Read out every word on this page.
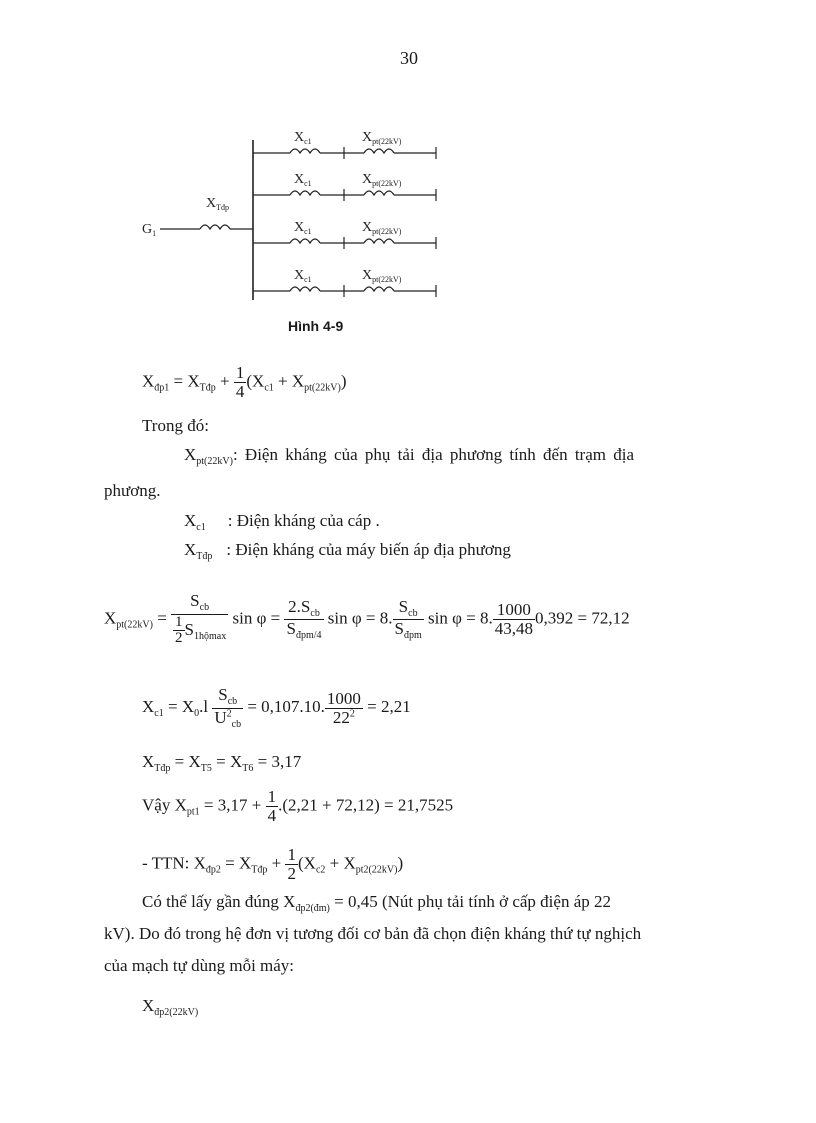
30
$G_1$
$X_{Tđp}$
$X_{c1}$	$X_{pt(22kV)}$
$X_{c1}$	$X_{pt(22kV)}$
$X_{c1}$	$X_{pt(22kV)}$
$X_{c1}$	$X_{pt(22kV)}$
Hình 4-9
$X_{đp1} = X_{Tđp} + \frac{1}{4} (X_{c1} + X_{pt(22kV)})$
Trong đó:
$X_{pt(22kV)}$: Điện kháng của phụ tải địa phương tính đến trạm địa
phương.
$X_{c1}$ : Điện kháng của cáp .
$X_{Tđp}$ : Điện kháng của máy biến áp địa phương
$X_{pt(22kV)} = \frac{S_{cb}}{\frac{1}{2} S_{1hộmax}}$ $\sin \varphi = \frac{2.S_{cb}}{S_{đpm/4}}$ sin φ = 8. $\frac{S_{cb}}{S_{đpm}}$ sin φ = 8. $\frac{1000}{43,48} 0,392 = 72,12$
$X_{c1} = X_0.l \frac{S_{cb}}{U^2_{cb}} = 0,107.10$. $\frac{1000}{22^2} = 2,21$
$X_{Tđp} = X_{T5} = X_{T6} = 3,17$
Vậy $X_{pt1} = 3,17 + \frac{1}{4} .(2,21 + 72,12) = 21,7525$
- TTN: $X_{đp2} = X_{Tđp} + \frac{1}{2} (X_{c2} + X_{pt2(22kV)})$
Có thể lấy gần đúng $X_{đp2(đm)} = 0,45$ (Nút phụ tải tính ở cấp điện áp 22
kV). Do đó trong hệ đơn vị tương đối cơ bản đã chọn điện kháng thứ tự nghịch
của mạch tự dùng mỗi máy:
$X_{đp2(22kV)}$
